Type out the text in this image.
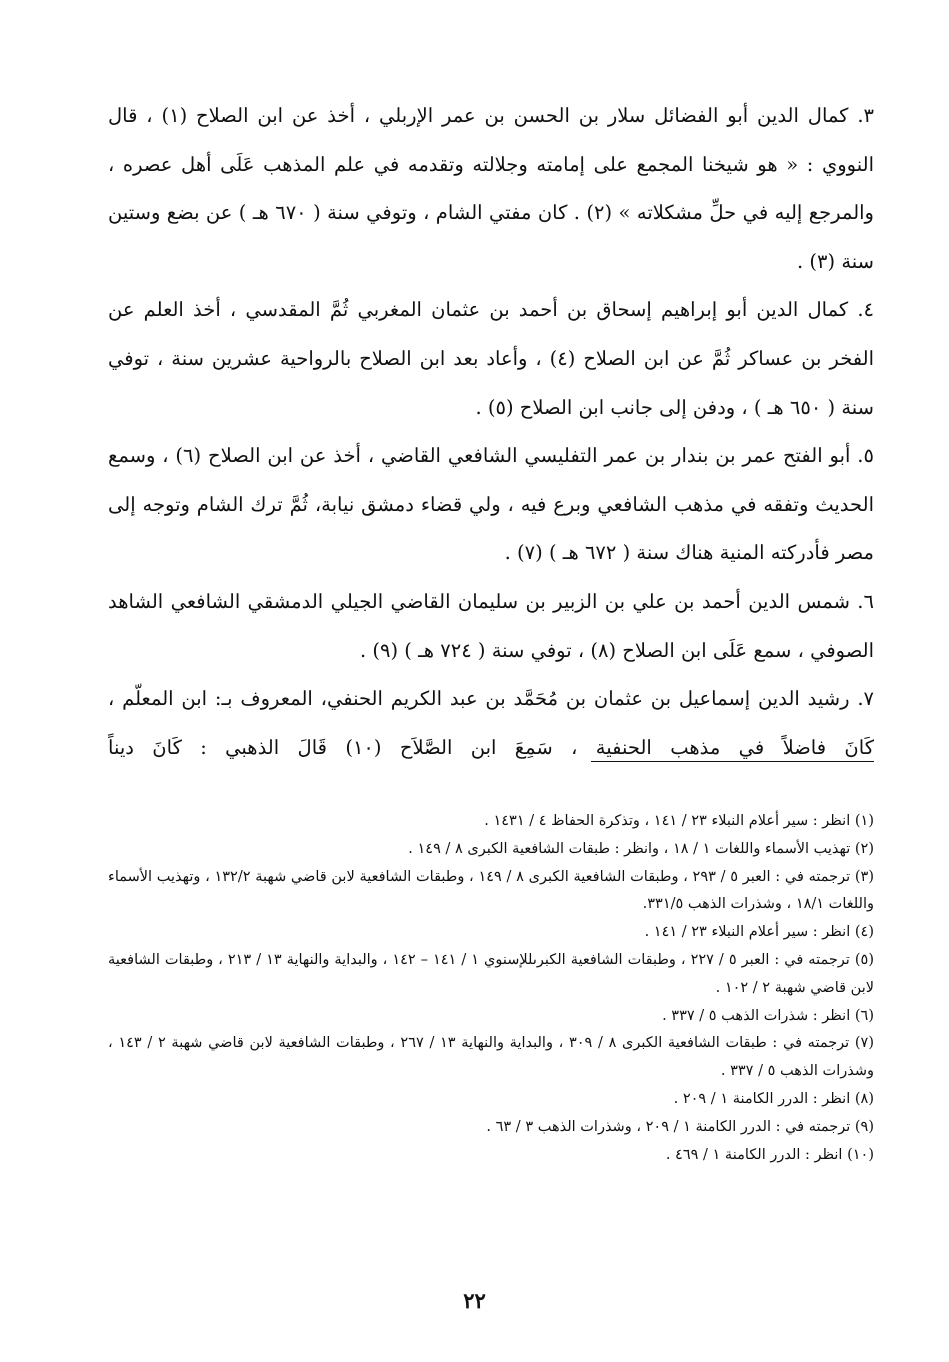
٣. كمال الدين أبو الفضائل سلار بن الحسن بن عمر الإربلي ، أخذ عن ابن الصلاح (١) ، قال النووي : « هو شيخنا المجمع على إمامته وجلالته وتقدمه في علم المذهب عَلَى أهل عصره ، والمرجع إليه في حلِّ مشكلاته » (٢) . كان مفتي الشام ، وتوفي سنة ( ٦٧٠ هـ ) عن بضع وستين سنة (٣) .

٤. كمال الدين أبو إبراهيم إسحاق بن أحمد بن عثمان المغربي ثُمَّ المقدسي ، أخذ العلم عن الفخر بن عساكر ثُمَّ عن ابن الصلاح (٤) ، وأعاد بعد ابن الصلاح بالرواحية عشرين سنة ، توفي سنة ( ٦٥٠ هـ ) ، ودفن إلى جانب ابن الصلاح (٥) .

٥. أبو الفتح عمر بن بندار بن عمر التفليسي الشافعي القاضي ، أخذ عن ابن الصلاح (٦) ، وسمع الحديث وتفقه في مذهب الشافعي وبرع فيه ، ولي قضاء دمشق نيابة، ثُمَّ ترك الشام وتوجه إلى مصر فأدركته المنية هناك سنة ( ٦٧٢ هـ ) (٧) .

٦. شمس الدين أحمد بن علي بن الزبير بن سليمان القاضي الجيلي الدمشقي الشافعي الشاهد الصوفي ، سمع عَلَى ابن الصلاح (٨) ، توفي سنة ( ٧٢٤ هـ ) (٩) .

٧. رشيد الدين إسماعيل بن عثمان بن مُحَمَّد بن عبد الكريم الحنفي، المعروف بـ: ابن المعلّم ، كَانَ فاضلاً في مذهب الحنفية ، سَمِعَ ابن الصَّلاَح (١٠) قَالَ الذهبي : كَانَ ديناً

(١) انظر : سير أعلام النبلاء ٢٣ / ١٤١ ، وتذكرة الحفاظ ٤ / ١٤٣١ .

(٢) تهذيب الأسماء واللغات ١ / ١٨ ، وانظر : طبقات الشافعية الكبرى ٨ / ١٤٩ .

(٣) ترجمته في : العبر ٥ / ٢٩٣ ، وطبقات الشافعية الكبرى ٨ / ١٤٩ ، وطبقات الشافعية لابن قاضي شهبة ١٣٢/٢ ، وتهذيب الأسماء واللغات ١٨/١ ، وشذرات الذهب ٣٣١/٥.

(٤) انظر : سير أعلام النبلاء ٢٣ / ١٤١ .

(٥) ترجمته في : العبر ٥ / ٢٢٧ ، وطبقات الشافعية الكبرىللإسنوي ١ / ١٤١ – ١٤٢ ، والبداية والنهاية ١٣ / ٢١٣ ، وطبقات الشافعية لابن قاضي شهبة ٢ / ١٠٢ .

(٦) انظر : شذرات الذهب ٥ / ٣٣٧ .

(٧) ترجمته في : طبقات الشافعية الكبرى ٨ / ٣٠٩ ، والبداية والنهاية ١٣ / ٢٦٧ ، وطبقات الشافعية لابن قاضي شهبة ٢ / ١٤٣ ، وشذرات الذهب ٥ / ٣٣٧ .

(٨) انظر : الدرر الكامنة ١ / ٢٠٩ .

(٩) ترجمته في : الدرر الكامنة ١ / ٢٠٩ ، وشذرات الذهب ٣ / ٦٣ .

(١٠) انظر : الدرر الكامنة ١ / ٤٦٩ .

٢٢
